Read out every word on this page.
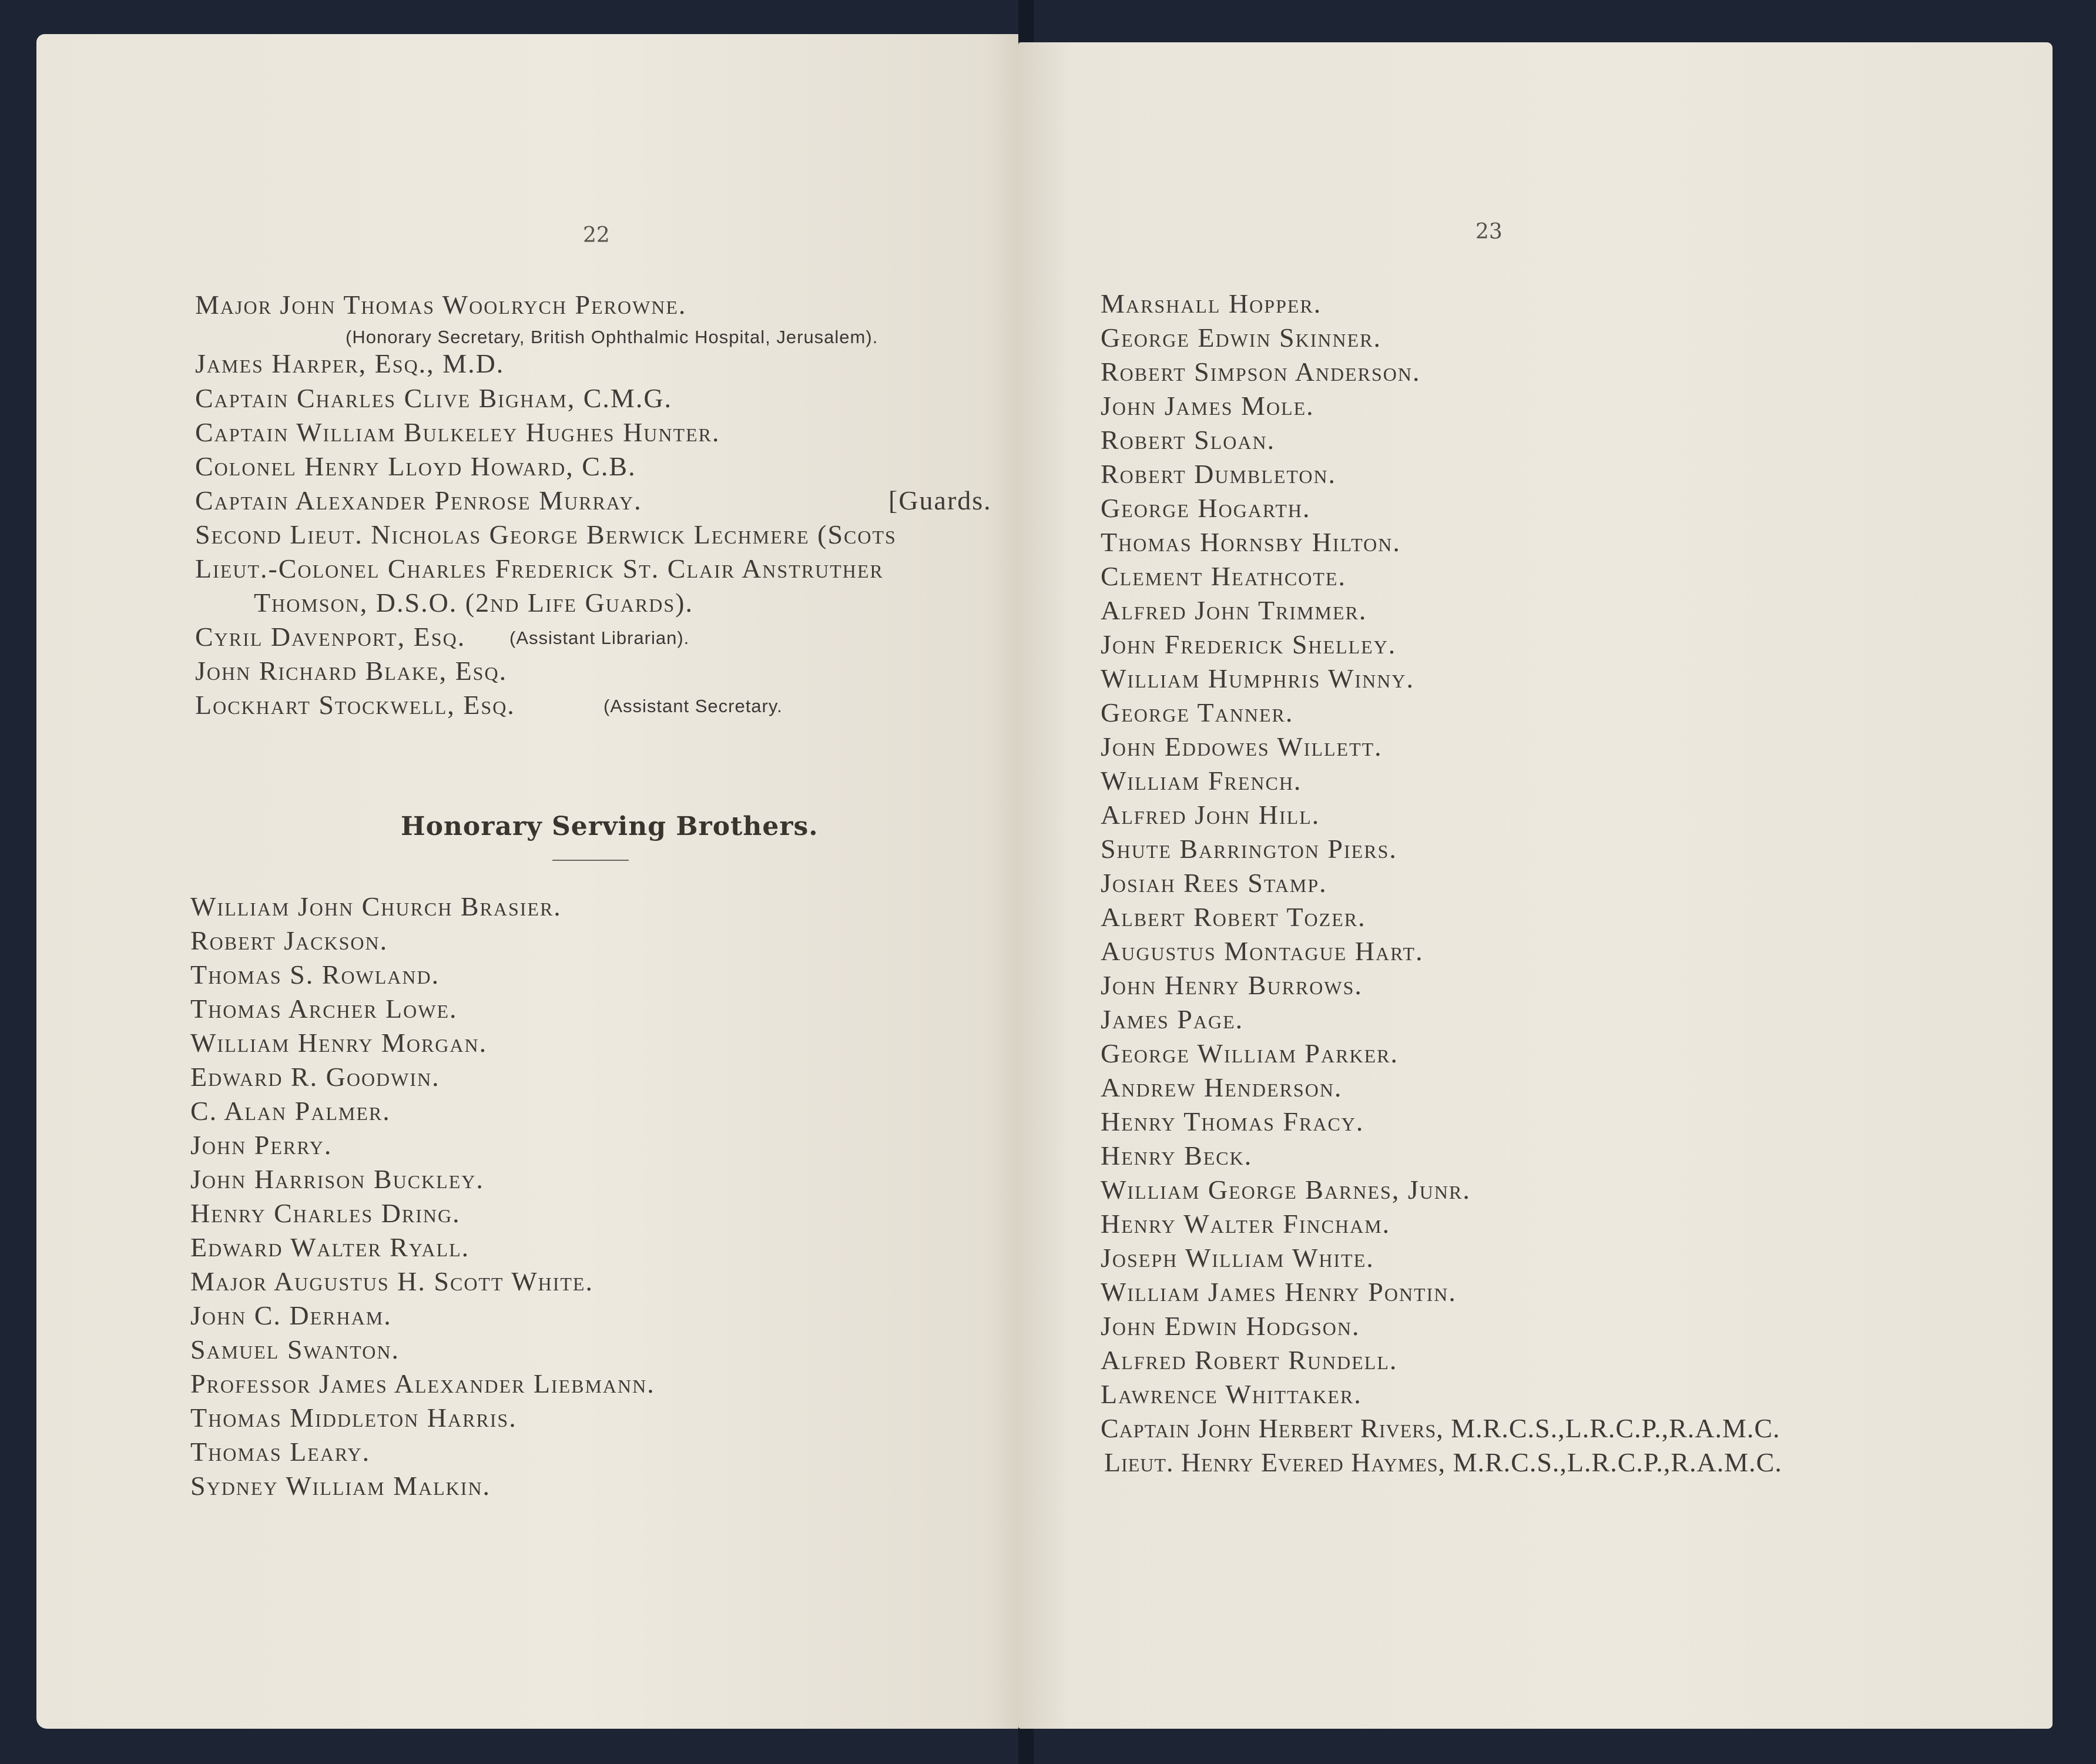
22
Major John Thomas Woolrych Perowne.
(Honorary Secretary, British Ophthalmic Hospital, Jerusalem).
James Harper, Esq., M.D.
Captain Charles Clive Bigham, C.M.G.
Captain William Bulkeley Hughes Hunter.
Colonel Henry Lloyd Howard, C.B.
Captain Alexander Penrose Murray.	[Guards.
Second Lieut. Nicholas George Berwick Lechmere (Scots
Lieut.-Colonel Charles Frederick St. Clair Anstruther
Thomson, D.S.O. (2nd Life Guards).
Cyril Davenport, Esq. (Assistant Librarian).
John Richard Blake, Esq.
Lockhart Stockwell, Esq.	(Assistant Secretary.
Honorary Serving Brothers.
William John Church Brasier.
Robert Jackson.
Thomas S. Rowland.
Thomas Archer Lowe.
William Henry Morgan.
Edward R. Goodwin.
C. Alan Palmer.
John Perry.
John Harrison Buckley.
Henry Charles Dring.
Edward Walter Ryall.
Major Augustus H. Scott White.
John C. Derham.
Samuel Swanton.
Professor James Alexander Liebmann.
Thomas Middleton Harris.
Thomas Leary.
Sydney William Malkin.
23
Marshall Hopper.
George Edwin Skinner.
Robert Simpson Anderson.
John James Mole.
Robert Sloan.
Robert Dumbleton.
George Hogarth.
Thomas Hornsby Hilton.
Clement Heathcote.
Alfred John Trimmer.
John Frederick Shelley.
William Humphris Winny.
George Tanner.
John Eddowes Willett.
William French.
Alfred John Hill.
Shute Barrington Piers.
Josiah Rees Stamp.
Albert Robert Tozer.
Augustus Montague Hart.
John Henry Burrows.
James Page.
George William Parker.
Andrew Henderson.
Henry Thomas Fracy.
Henry Beck.
William George Barnes, Junr.
Henry Walter Fincham.
Joseph William White.
William James Henry Pontin.
John Edwin Hodgson.
Alfred Robert Rundell.
Lawrence Whittaker.
Captain John Herbert Rivers, M.R.C.S.,L.R.C.P.,R.A.M.C.
Lieut. Henry Evered Haymes, M.R.C.S.,L.R.C.P.,R.A.M.C.
